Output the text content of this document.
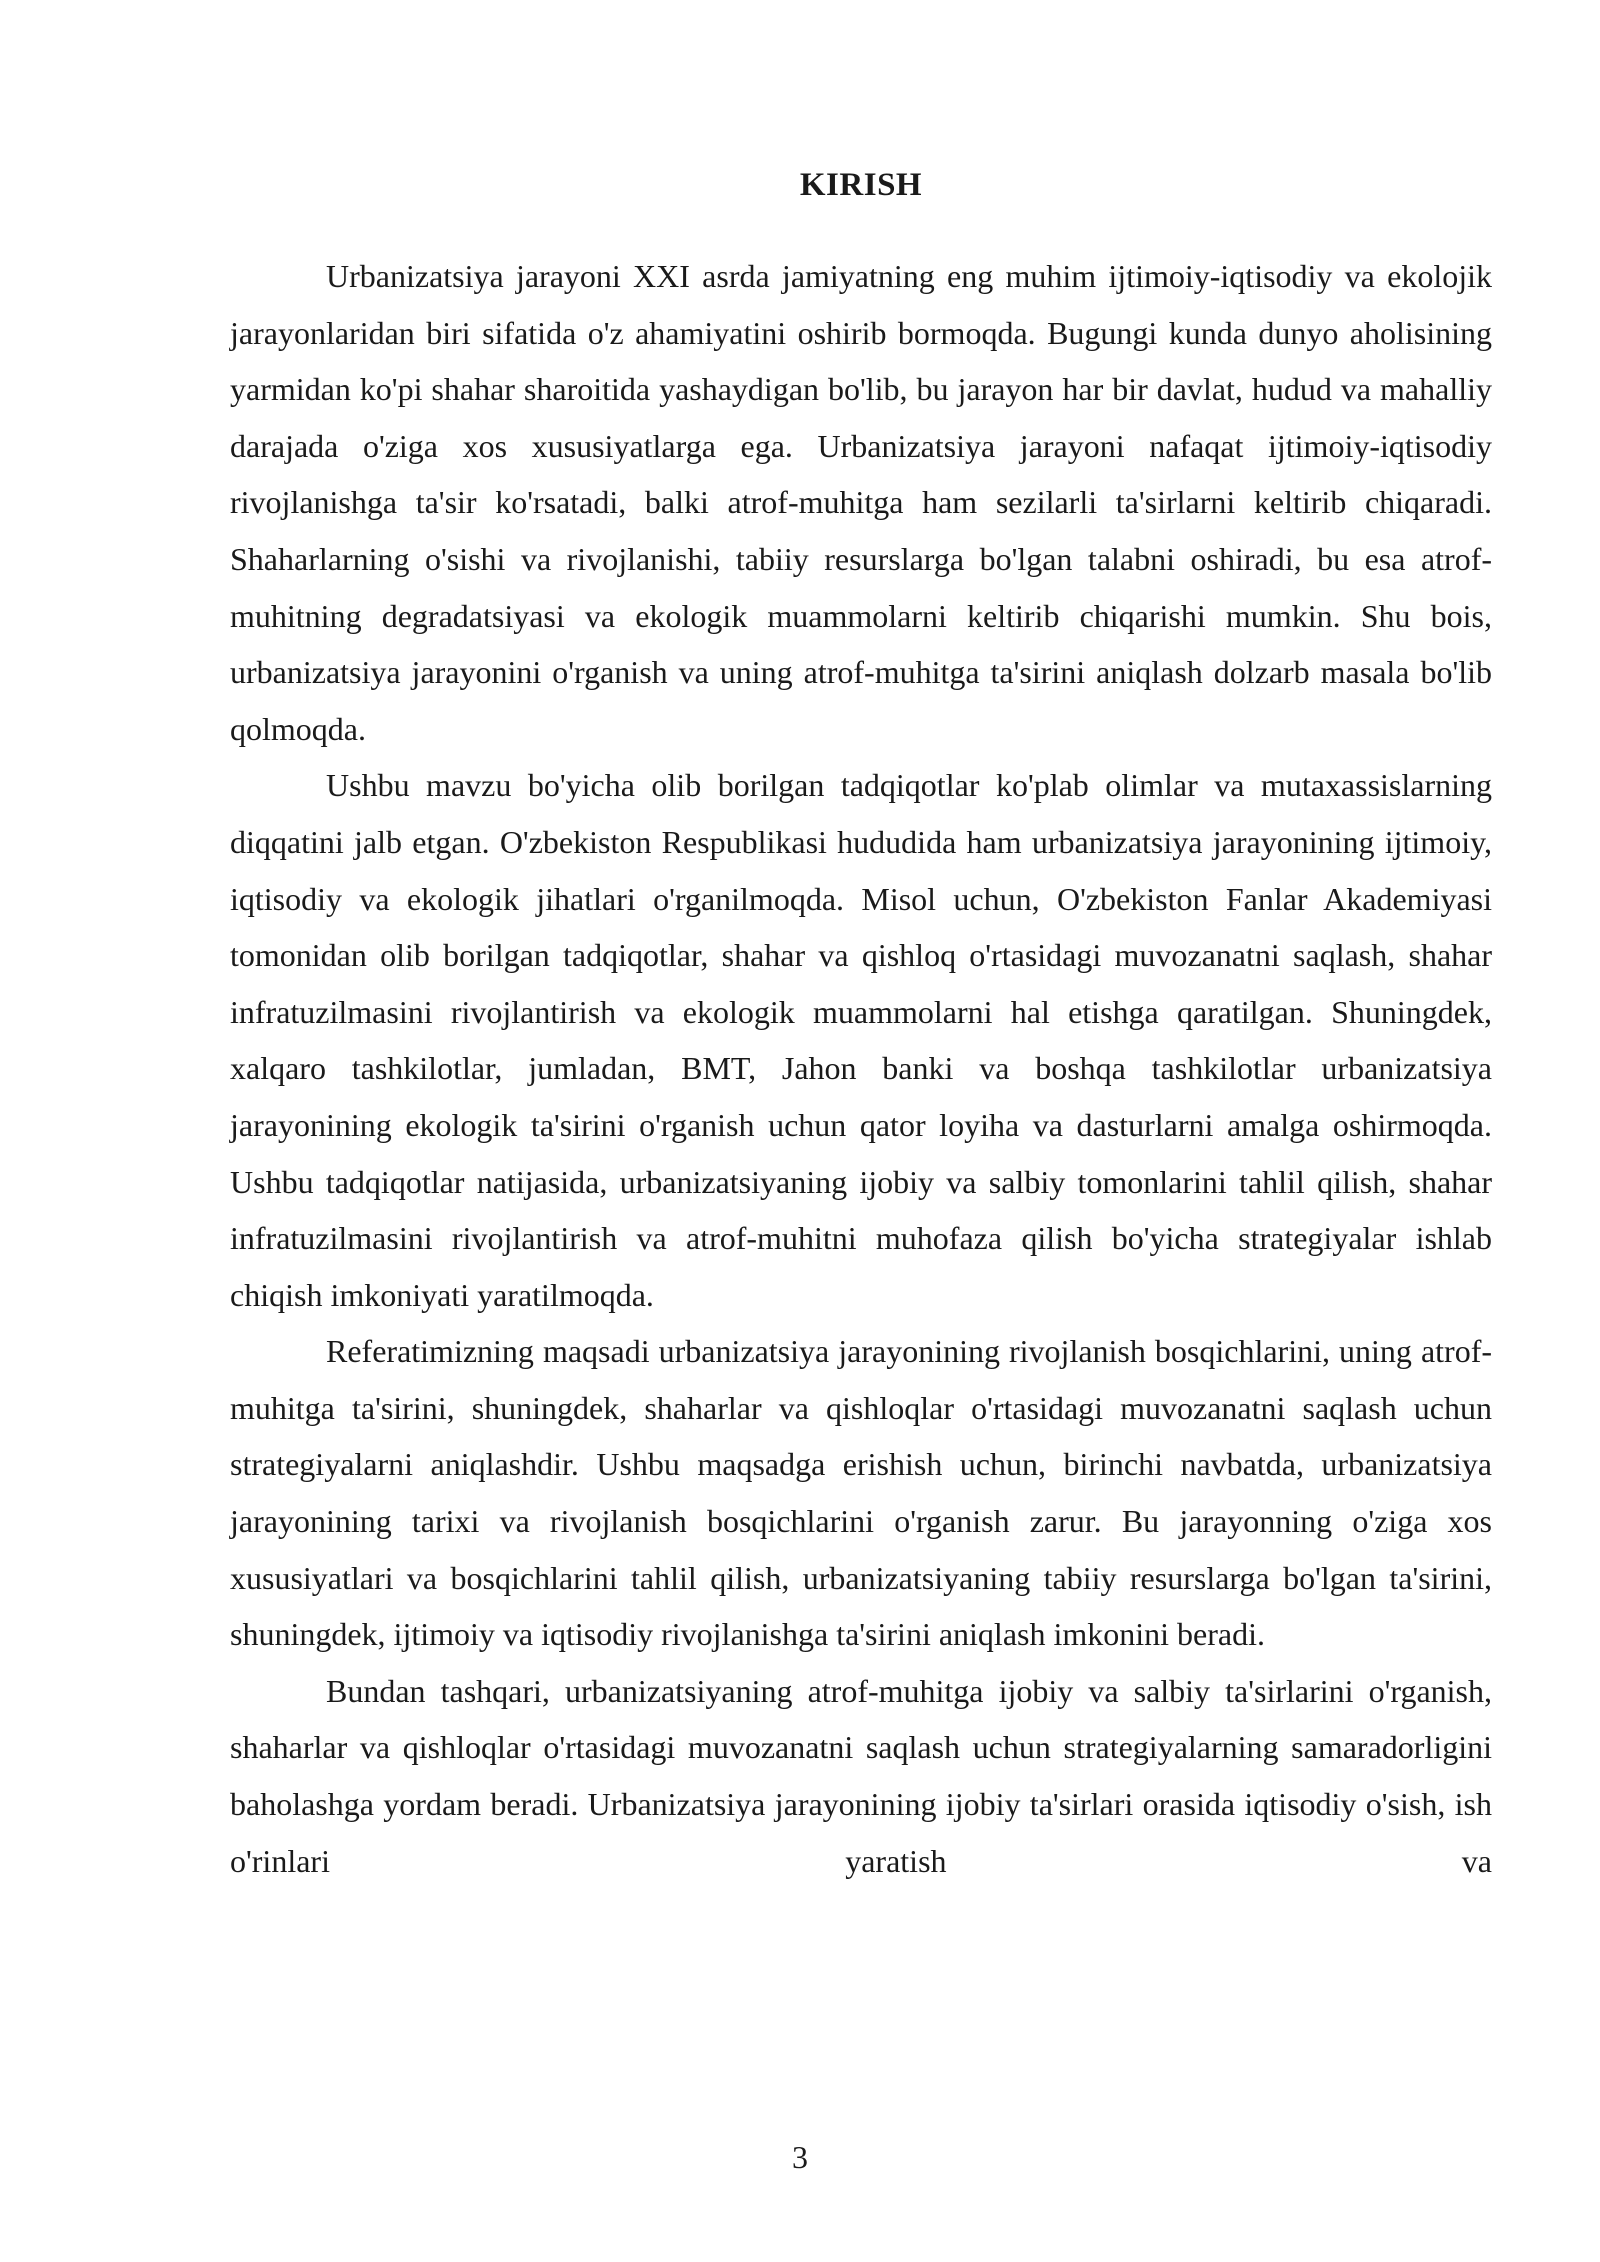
KIRISH

Urbanizatsiya jarayoni XXI asrda jamiyatning eng muhim ijtimoiy-iqtisodiy va ekolojik jarayonlaridan biri sifatida o'z ahamiyatini oshirib bormoqda. Bugungi kunda dunyo aholisining yarmidan ko'pi shahar sharoitida yashaydigan bo'lib, bu jarayon har bir davlat, hudud va mahalliy darajada o'ziga xos xususiyatlarga ega. Urbanizatsiya jarayoni nafaqat ijtimoiy-iqtisodiy rivojlanishga ta'sir ko'rsatadi, balki atrof-muhitga ham sezilarli ta'sirlarni keltirib chiqaradi. Shaharlarning o'sishi va rivojlanishi, tabiiy resurslarga bo'lgan talabni oshiradi, bu esa atrof-muhitning degradatsiyasi va ekologik muammolarni keltirib chiqarishi mumkin. Shu bois, urbanizatsiya jarayonini o'rganish va uning atrof-muhitga ta'sirini aniqlash dolzarb masala bo'lib qolmoqda.

Ushbu mavzu bo'yicha olib borilgan tadqiqotlar ko'plab olimlar va mutaxassislarning diqqatini jalb etgan. O'zbekiston Respublikasi hududida ham urbanizatsiya jarayonining ijtimoiy, iqtisodiy va ekologik jihatlari o'rganilmoqda. Misol uchun, O'zbekiston Fanlar Akademiyasi tomonidan olib borilgan tadqiqotlar, shahar va qishloq o'rtasidagi muvozanatni saqlash, shahar infratuzilmasini rivojlantirish va ekologik muammolarni hal etishga qaratilgan. Shuningdek, xalqaro tashkilotlar, jumladan, BMT, Jahon banki va boshqa tashkilotlar urbanizatsiya jarayonining ekologik ta'sirini o'rganish uchun qator loyiha va dasturlarni amalga oshirmoqda. Ushbu tadqiqotlar natijasida, urbanizatsiyaning ijobiy va salbiy tomonlarini tahlil qilish, shahar infratuzilmasini rivojlantirish va atrof-muhitni muhofaza qilish bo'yicha strategiyalar ishlab chiqish imkoniyati yaratilmoqda.

Referatimizning maqsadi urbanizatsiya jarayonining rivojlanish bosqichlarini, uning atrof-muhitga ta'sirini, shuningdek, shaharlar va qishloqlar o'rtasidagi muvozanatni saqlash uchun strategiyalarni aniqlashdir. Ushbu maqsadga erishish uchun, birinchi navbatda, urbanizatsiya jarayonining tarixi va rivojlanish bosqichlarini o'rganish zarur. Bu jarayonning o'ziga xos xususiyatlari va bosqichlarini tahlil qilish, urbanizatsiyaning tabiiy resurslarga bo'lgan ta'sirini, shuningdek, ijtimoiy va iqtisodiy rivojlanishga ta'sirini aniqlash imkonini beradi.

Bundan tashqari, urbanizatsiyaning atrof-muhitga ijobiy va salbiy ta'sirlarini o'rganish, shaharlar va qishloqlar o'rtasidagi muvozanatni saqlash uchun strategiyalarning samaradorligini baholashga yordam beradi. Urbanizatsiya jarayonining ijobiy ta'sirlari orasida iqtisodiy o'sish, ish o'rinlari yaratish va

3
